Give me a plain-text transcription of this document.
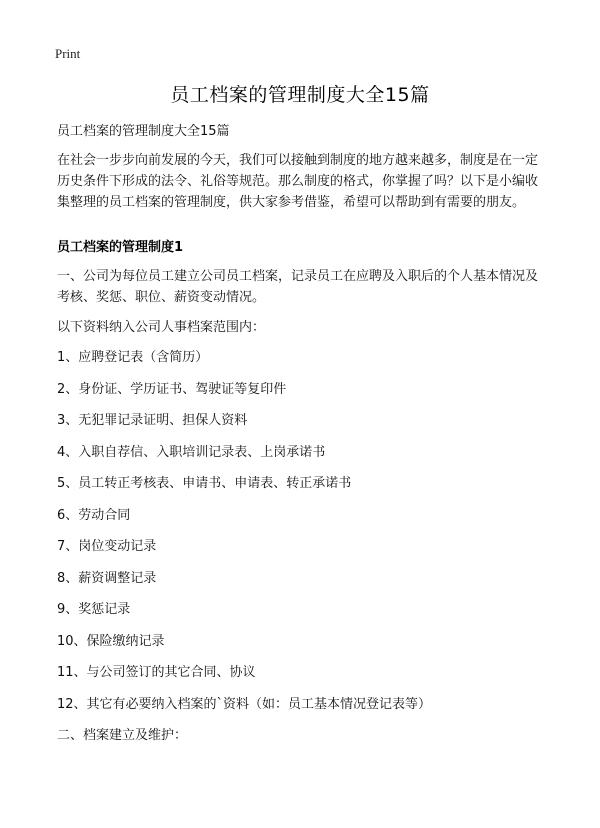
Print
员工档案的管理制度大全15篇
员工档案的管理制度大全15篇
在社会一步步向前发展的今天，我们可以接触到制度的地方越来越多，制度是在一定历史条件下形成的法令、礼俗等规范。那么制度的格式，你掌握了吗？以下是小编收集整理的员工档案的管理制度，供大家参考借鉴，希望可以帮助到有需要的朋友。
员工档案的管理制度1
一、公司为每位员工建立公司员工档案，记录员工在应聘及入职后的个人基本情况及考核、奖惩、职位、薪资变动情况。
以下资料纳入公司人事档案范围内：
1、应聘登记表（含简历）
2、身份证、学历证书、驾驶证等复印件
3、无犯罪记录证明、担保人资料
4、入职自荐信、入职培训记录表、上岗承诺书
5、员工转正考核表、申请书、申请表、转正承诺书
6、劳动合同
7、岗位变动记录
8、薪资调整记录
9、奖惩记录
10、保险缴纳记录
11、与公司签订的其它合同、协议
12、其它有必要纳入档案的`资料（如：员工基本情况登记表等）
二、档案建立及维护：
